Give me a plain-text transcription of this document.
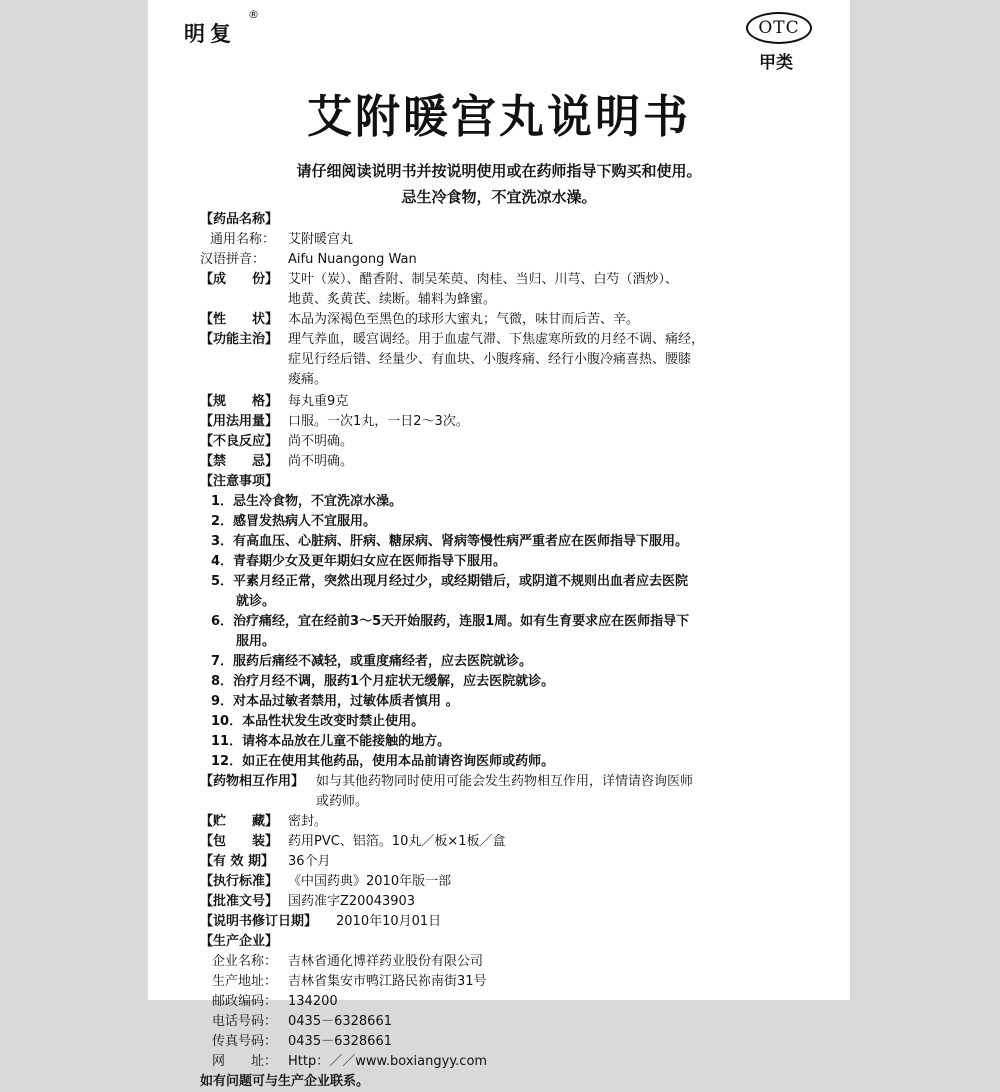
明复
®
OTC
甲类
艾附暖宫丸说明书
请仔细阅读说明书并按说明使用或在药师指导下购买和使用。
忌生冷食物，不宜洗凉水澡。
【药品名称】
通用名称： 艾附暖宫丸
汉语拼音： Aifu Nuangong Wan
【成　　份】 艾叶（炭）、醋香附、制吴茱萸、肉桂、当归、川芎、白芍（酒炒）、
地黄、炙黄芪、续断。辅料为蜂蜜。
【性　　状】 本品为深褐色至黑色的球形大蜜丸；气微，味甘而后苦、辛。
【功能主治】 理气养血，暖宫调经。用于血虚气滞、下焦虚寒所致的月经不调、痛经，
症见行经后错、经量少、有血块、小腹疼痛、经行小腹冷痛喜热、腰膝
痠痛。
【规　　格】 每丸重9克
【用法用量】 口服。一次1丸，一日2～3次。
【不良反应】 尚不明确。
【禁　　忌】 尚不明确。
【注意事项】
1．忌生冷食物，不宜洗凉水澡。
2．感冒发热病人不宜服用。
3．有高血压、心脏病、肝病、糖尿病、肾病等慢性病严重者应在医师指导下服用。
4．青春期少女及更年期妇女应在医师指导下服用。
5．平素月经正常，突然出现月经过少，或经期错后，或阴道不规则出血者应去医院
就诊。
6．治疗痛经，宜在经前3～5天开始服药，连服1周。如有生育要求应在医师指导下
服用。
7．服药后痛经不减轻，或重度痛经者，应去医院就诊。
8．治疗月经不调，服药1个月症状无缓解，应去医院就诊。
9．对本品过敏者禁用，过敏体质者慎用 。
10．本品性状发生改变时禁止使用。
11．请将本品放在儿童不能接触的地方。
12．如正在使用其他药品，使用本品前请咨询医师或药师。
【药物相互作用】 如与其他药物同时使用可能会发生药物相互作用，详情请咨询医师
或药师。
【贮　　藏】 密封。
【包　　装】 药用PVC、铝箔。10丸／板×1板／盒
【有 效 期】 36个月
【执行标准】 《中国药典》2010年版一部
【批准文号】 国药准字Z20043903
【说明书修订日期】 2010年10月01日
【生产企业】
企业名称： 吉林省通化博祥药业股份有限公司
生产地址： 吉林省集安市鸭江路民祢南街31号
邮政编码： 134200
电话号码： 0435－6328661
传真号码： 0435－6328661
网　　址： Http：／／www.boxiangyy.com
如有问题可与生产企业联系。
